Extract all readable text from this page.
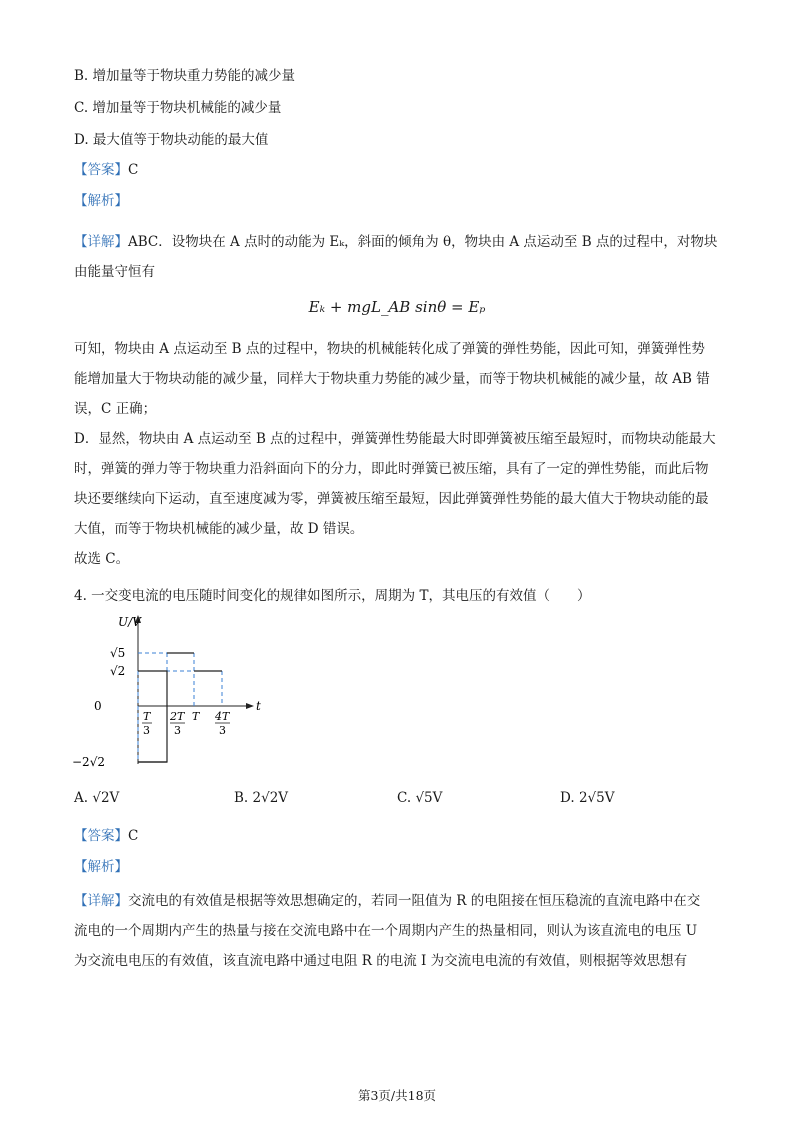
B. 增加量等于物块重力势能的减少量
C. 增加量等于物块机械能的减少量
D. 最大值等于物块动能的最大值
【答案】C
【解析】
【详解】ABC．设物块在 A 点时的动能为 Eₖ，斜面的倾角为 θ，物块由 A 点运动至 B 点的过程中，对物块
由能量守恒有
Eₖ + mgL_AB sinθ = Eₚ
可知，物块由 A 点运动至 B 点的过程中，物块的机械能转化成了弹簧的弹性势能，因此可知，弹簧弹性势
能增加量大于物块动能的减少量，同样大于物块重力势能的减少量，而等于物块机械能的减少量，故 AB 错
误，C 正确；
D．显然，物块由 A 点运动至 B 点的过程中，弹簧弹性势能最大时即弹簧被压缩至最短时，而物块动能最大
时，弹簧的弹力等于物块重力沿斜面向下的分力，即此时弹簧已被压缩，具有了一定的弹性势能，而此后物
块还要继续向下运动，直至速度减为零，弹簧被压缩至最短，因此弹簧弹性势能的最大值大于物块动能的最
大值，而等于物块机械能的减少量，故 D 错误。
故选 C。
4. 一交变电流的电压随时间变化的规律如图所示，周期为 T，其电压的有效值（　　）
U/V
t
0
√5
√2
−2√2
T
3
2T
3
T 4T
3
A. √2V	B. 2√2V	C. √5V	D. 2√5V
【答案】C
【解析】
【详解】交流电的有效值是根据等效思想确定的，若同一阻值为 R 的电阻接在恒压稳流的直流电路中在交
流电的一个周期内产生的热量与接在交流电路中在一个周期内产生的热量相同，则认为该直流电的电压 U
为交流电电压的有效值，该直流电路中通过电阻 R 的电流 I 为交流电电流的有效值，则根据等效思想有
第3页/共18页
